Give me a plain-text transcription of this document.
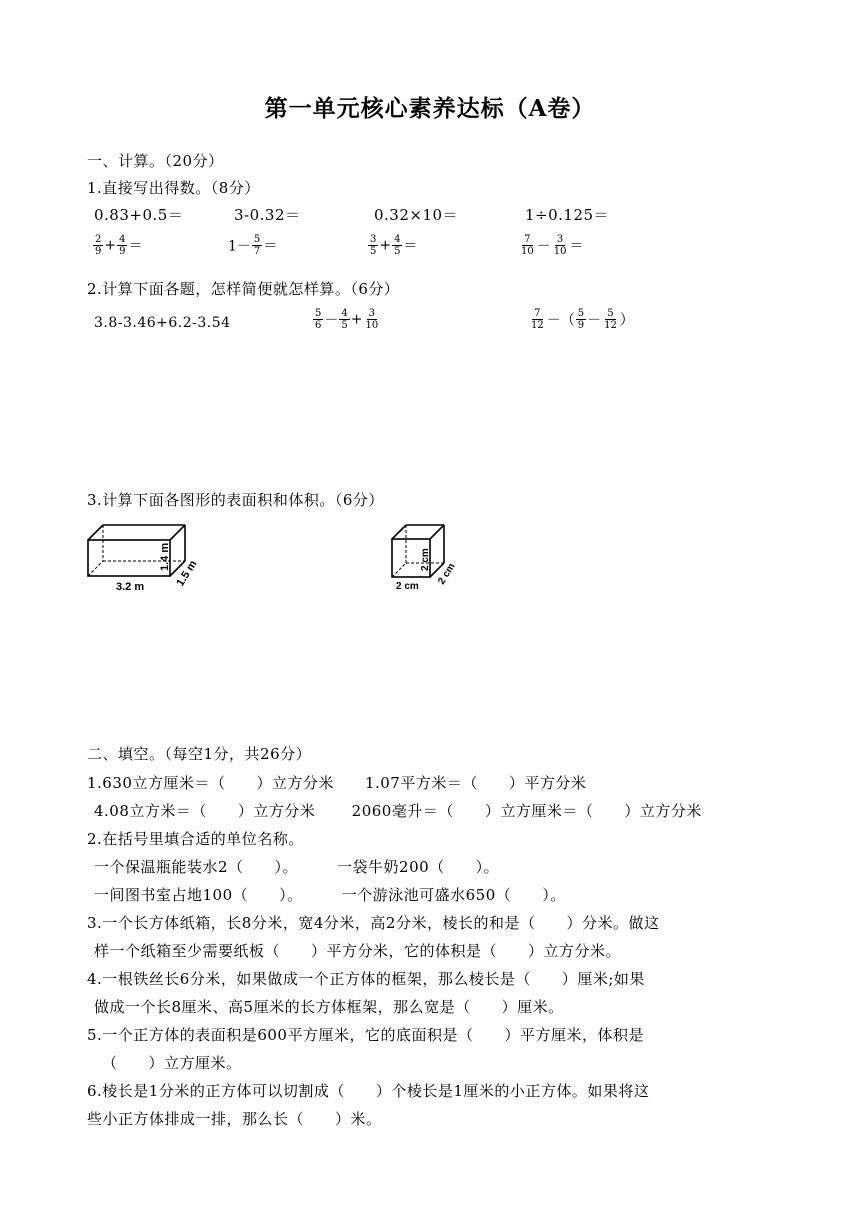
第一单元核心素养达标（A卷）
一、计算。（20分）
1.直接写出得数。（8分）
0.83+0.5＝	3-0.32＝	0.32×10＝	1÷0.125＝
$\frac{2}{9} + \frac{4}{9}$ ＝	$1- \frac{5}{7}$ ＝	$\frac{3}{5} + \frac{4}{5}$ ＝	$\frac{7}{10} - \frac{3}{10}$ ＝
2.计算下面各题，怎样简便就怎样算。（6分）
3.8-3.46+6.2-3.54	$\frac{5}{6} - \frac{4}{5} + \frac{3}{10}$	$\frac{7}{12}$ －（ $\frac{5}{9} - \frac{5}{12}$ ）
3.计算下面各图形的表面积和体积。（6分）
3.2 m	1.5 m
1.4 m
2 cm 2 cm
2 cm
二、填空。（每空1分，共26分）
1.630立方厘米＝（　　）立方分米　　1.07平方米＝（　　）平方分米
4.08立方米＝（　　）立方分米　　 2060毫升＝（　　）立方厘米＝（　　）立方分米
2.在括号里填合适的单位名称。
一个保温瓶能装水2（　　）。　　　一袋牛奶200（　　）。
一间图书室占地100（　　）。　　　一个游泳池可盛水650（　　）。
3.一个长方体纸箱，长8分米，宽4分米，高2分米，棱长的和是（　　）分米。做这
样一个纸箱至少需要纸板（　　）平方分米，它的体积是（　　）立方分米。
4.一根铁丝长6分米，如果做成一个正方体的框架，那么棱长是（　　）厘米;如果
做成一个长8厘米、高5厘米的长方体框架，那么宽是（　　）厘米。
5.一个正方体的表面积是600平方厘米，它的底面积是（　　）平方厘米，体积是
（　　）立方厘米。
6.棱长是1分米的正方体可以切割成（　　）个棱长是1厘米的小正方体。如果将这
些小正方体排成一排，那么长（　　）米。
